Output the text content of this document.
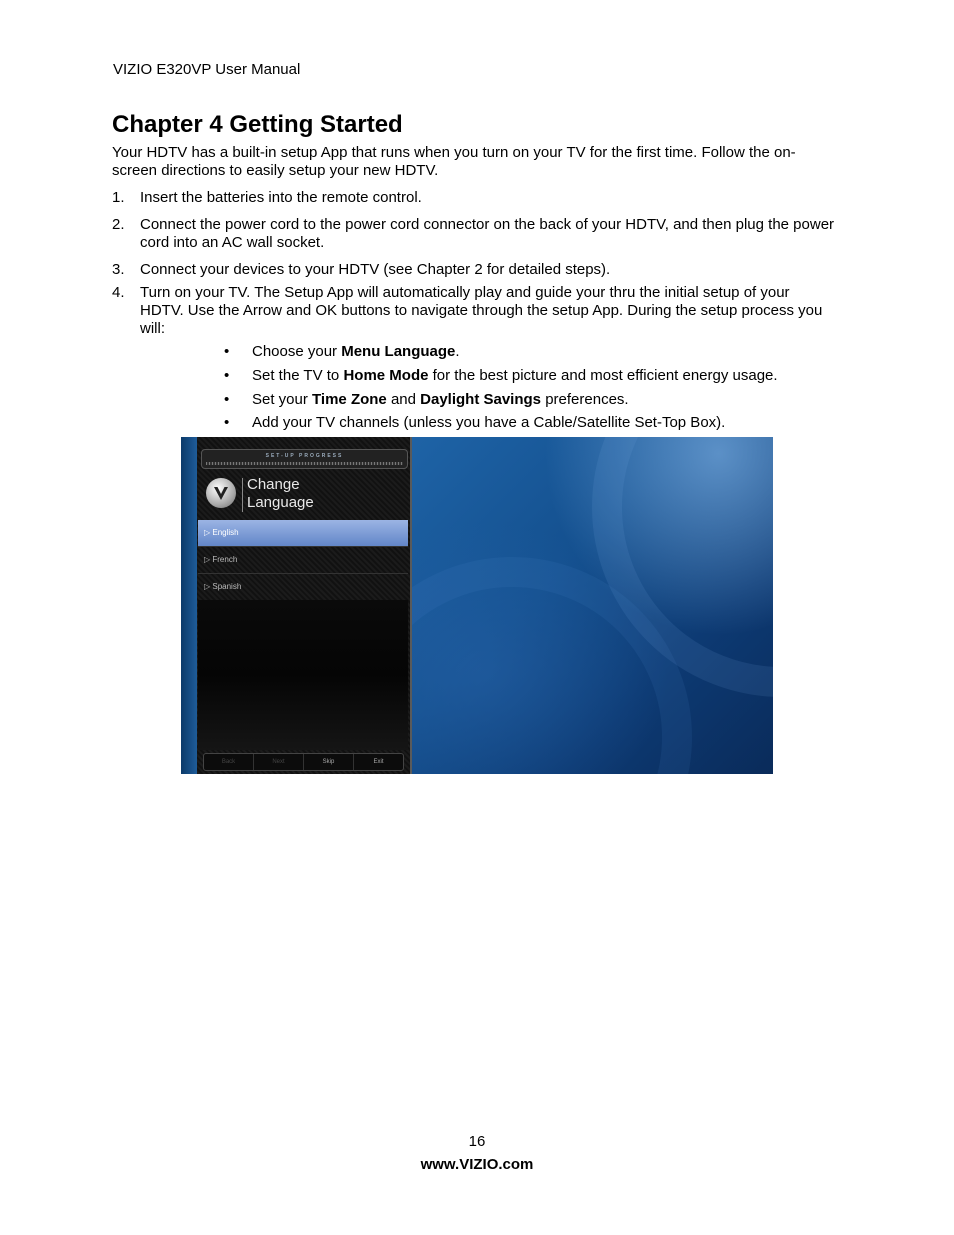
VIZIO E320VP User Manual
Chapter 4 Getting Started
Your HDTV has a built-in setup App that runs when you turn on your TV for the first time. Follow the on-screen directions to easily setup your new HDTV.
1. Insert the batteries into the remote control.
2. Connect the power cord to the power cord connector on the back of your HDTV, and then plug the power cord into an AC wall socket.
3. Connect your devices to your HDTV (see Chapter 2 for detailed steps).
4. Turn on your TV. The Setup App will automatically play and guide your thru the initial setup of your HDTV. Use the Arrow and OK buttons to navigate through the setup App. During the setup process you will:
• Choose your Menu Language.
• Set the TV to Home Mode for the best picture and most efficient energy usage.
• Set your Time Zone and Daylight Savings preferences.
• Add your TV channels (unless you have a Cable/Satellite Set-Top Box).
SET-UP PROGRESS
Change
Language
▷ English
▷ French
▷ Spanish
Back	Next	Skip	Exit
16
www.VIZIO.com
